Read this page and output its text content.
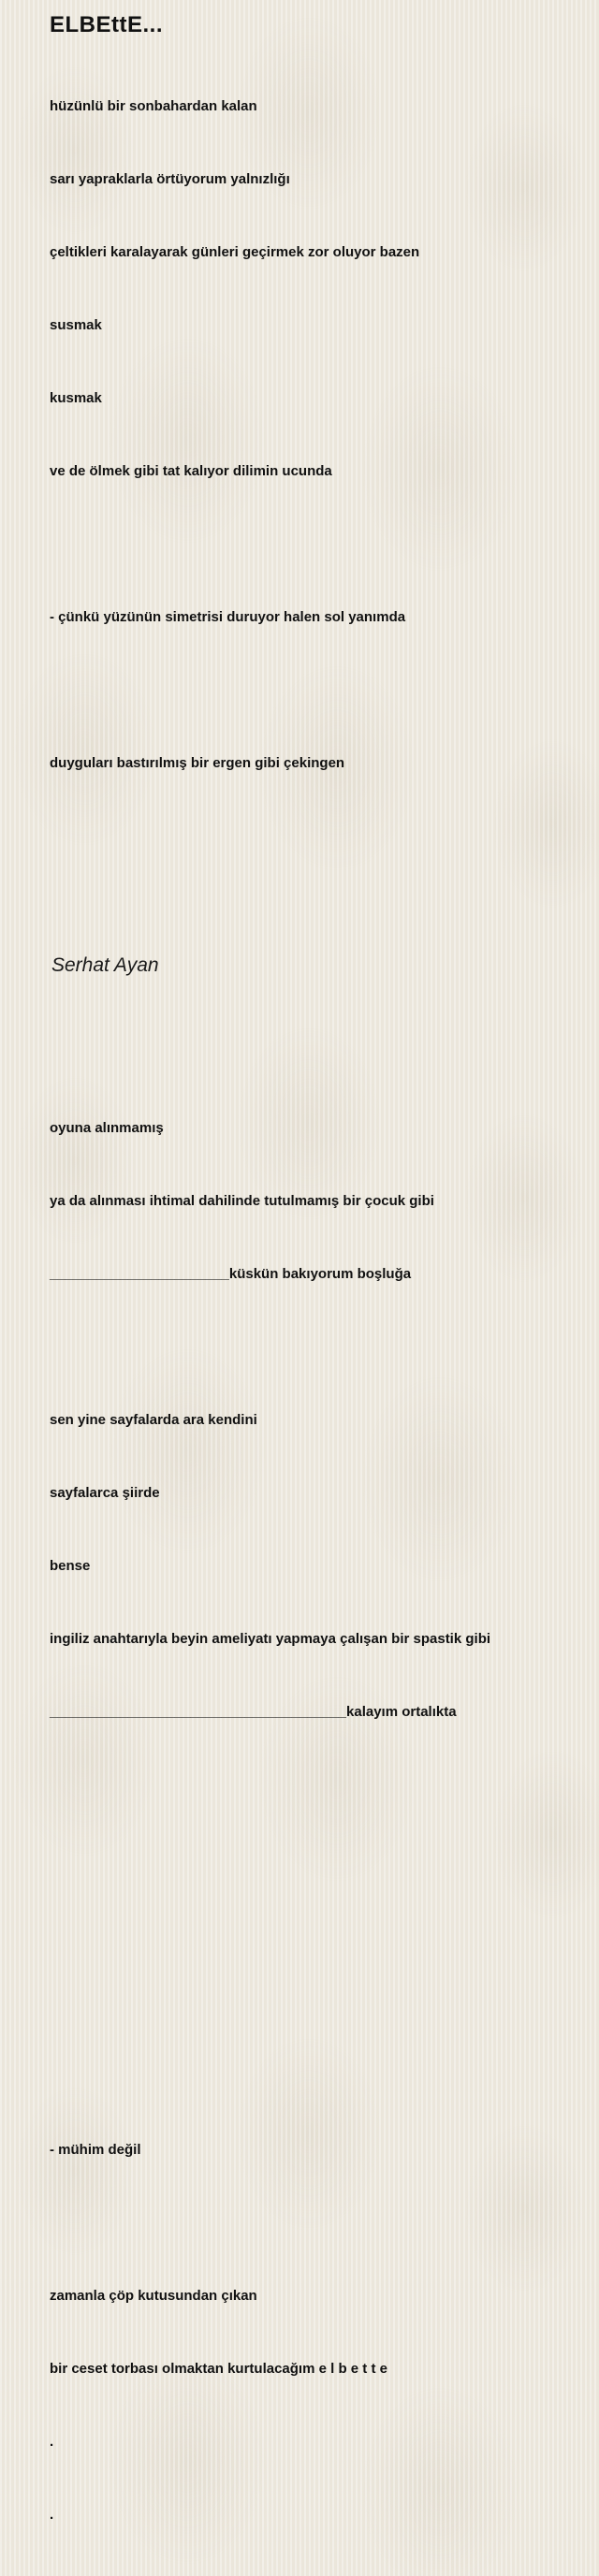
ELBEttE...

hüzünlü bir sonbahardan kalan

sarı yapraklarla örtüyorum yalnızlığı

çeltikleri karalayarak günleri geçirmek zor oluyor bazen

susmak

kusmak

ve de ölmek gibi tat kalıyor dilimin ucunda

- çünkü yüzünün simetrisi duruyor halen sol yanımda

duyguları bastırılmış bir ergen gibi çekingen

oyuna alınmamış

ya da alınması ihtimal dahilinde tutulmamış bir çocuk gibi

_______________________küskün bakıyorum boşluğa

sen yine sayfalarda ara kendini

sayfalarca şiirde

bense

ingiliz anahtarıyla beyin ameliyatı yapmaya çalışan bir spastik gibi

______________________________________kalayım ortalıkta

- mühim değil

zamanla çöp kutusundan çıkan

bir ceset torbası olmaktan kurtulacağım e l b e t t e

.

.

Serhat Ayan
